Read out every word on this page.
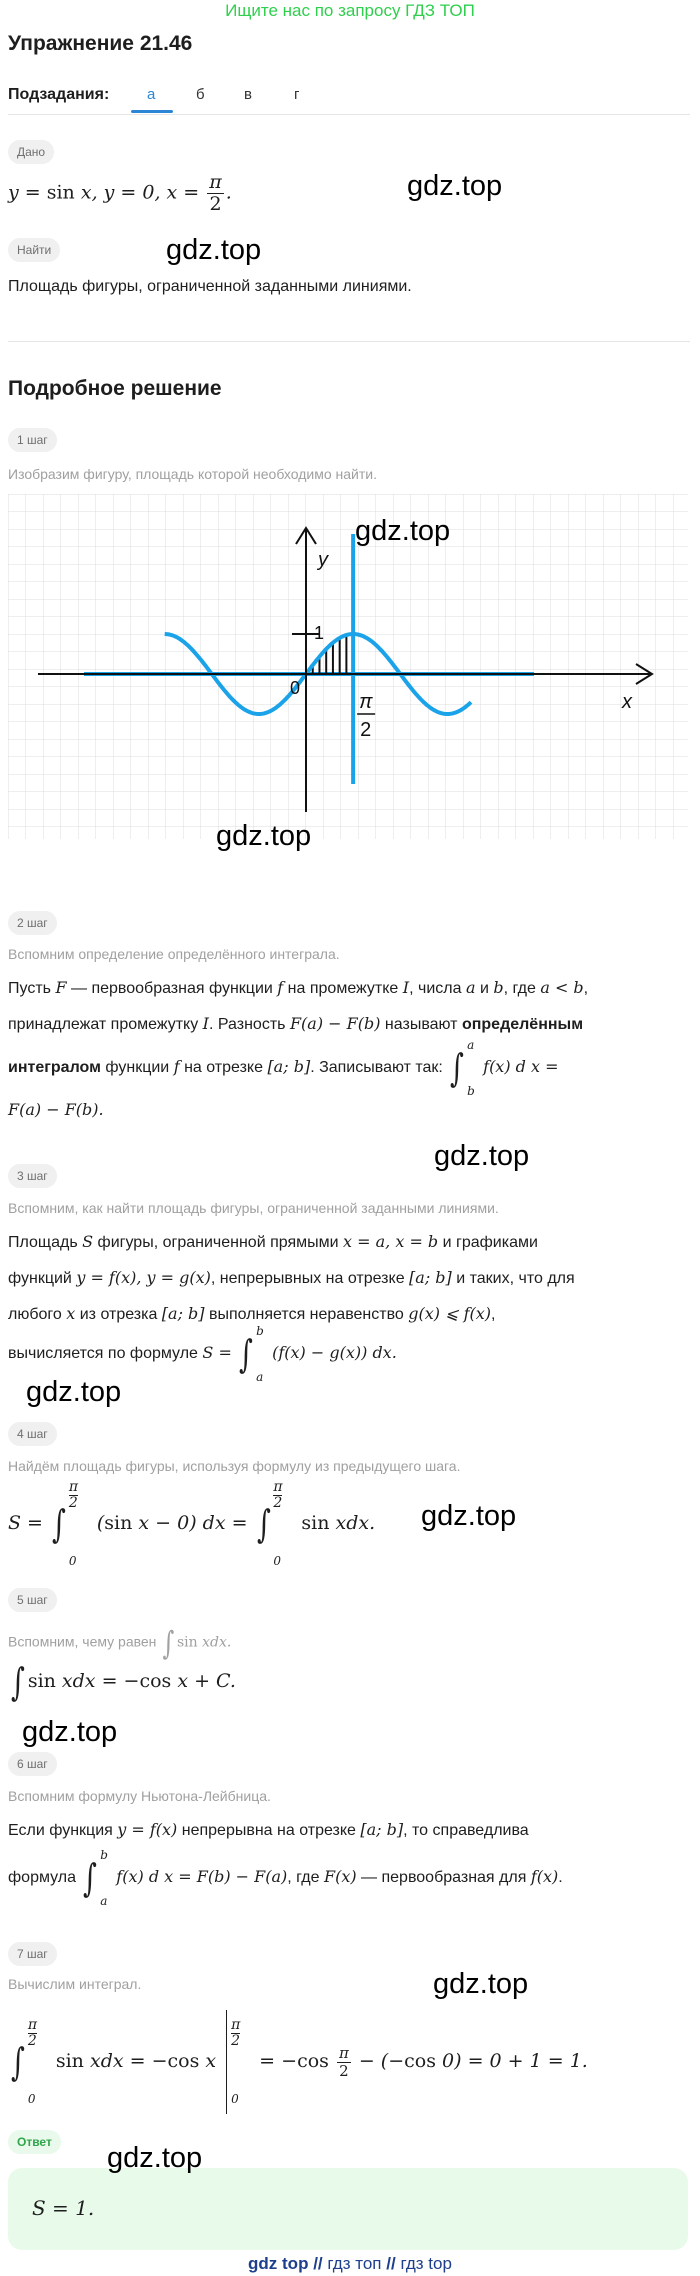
Ищите нас по запросу ГДЗ ТОП
Упражнение 21.46
Подзадания:	а	б	в	г
Дано
y = sin x, y = 0, $x = \frac{\pi}{2}$ .
Найти
Площадь фигуры, ограниченной заданными линиями.
Подробное решение
1 шаг
Изобразим фигуру, площадь которой необходимо найти.
y
x
1
0
π
2
2 шаг
Вспомним определение определённого интеграла.
Пусть F — первообразная функции f на промежутке I, числа a и b, где a < b,
принадлежат промежутку I. Разность F(a) − F(b) называют определённым
интегралом функции f на отрезке [a; b]. Записывают так: ∫
a
b
f(x) d x =
F(a) − F(b).
3 шаг
Вспомним, как найти площадь фигуры, ограниченной заданными линиями.
Площадь S фигуры, ограниченной прямыми x = a, x = b и графиками
функций y = f(x), y = g(x), непрерывных на отрезке [a; b] и таких, что для
любого x из отрезка [a; b] выполняется неравенство g(x) ⩽ f(x),
вычисляется по формуле S = ∫
b
a
(f(x) − g(x)) dx.
4 шаг
Найдём площадь фигуры, используя формулу из предыдущего шага.
S = ∫
π
2
0
(sin x − 0) dx = ∫
π
2
0
sin xdx.
5 шаг
Вспомним, чему равен ∫ sin xdx.
∫ sin xdx = −cos x + C.
6 шаг
Вспомним формулу Ньютона-Лейбница.
Если функция y = f(x) непрерывна на отрезке [a; b], то справедлива
формула ∫
b
a
f(x) d x = F(b) − F(a), где F(x) — первообразная для f(x).
7 шаг
Вычислим интеграл.
∫
π
2
0
sin xdx = −cos x
π
2
0
= $-\cos \frac{\pi}{2} - (-\cos$ 0) = 0 + 1 = 1.
Ответ
S = 1.
gdz.top
gdz.top
gdz.top
gdz.top
gdz.top
gdz.top
gdz.top
gdz.top
gdz.top
gdz.top
gdz top // гдз топ // гдз top
